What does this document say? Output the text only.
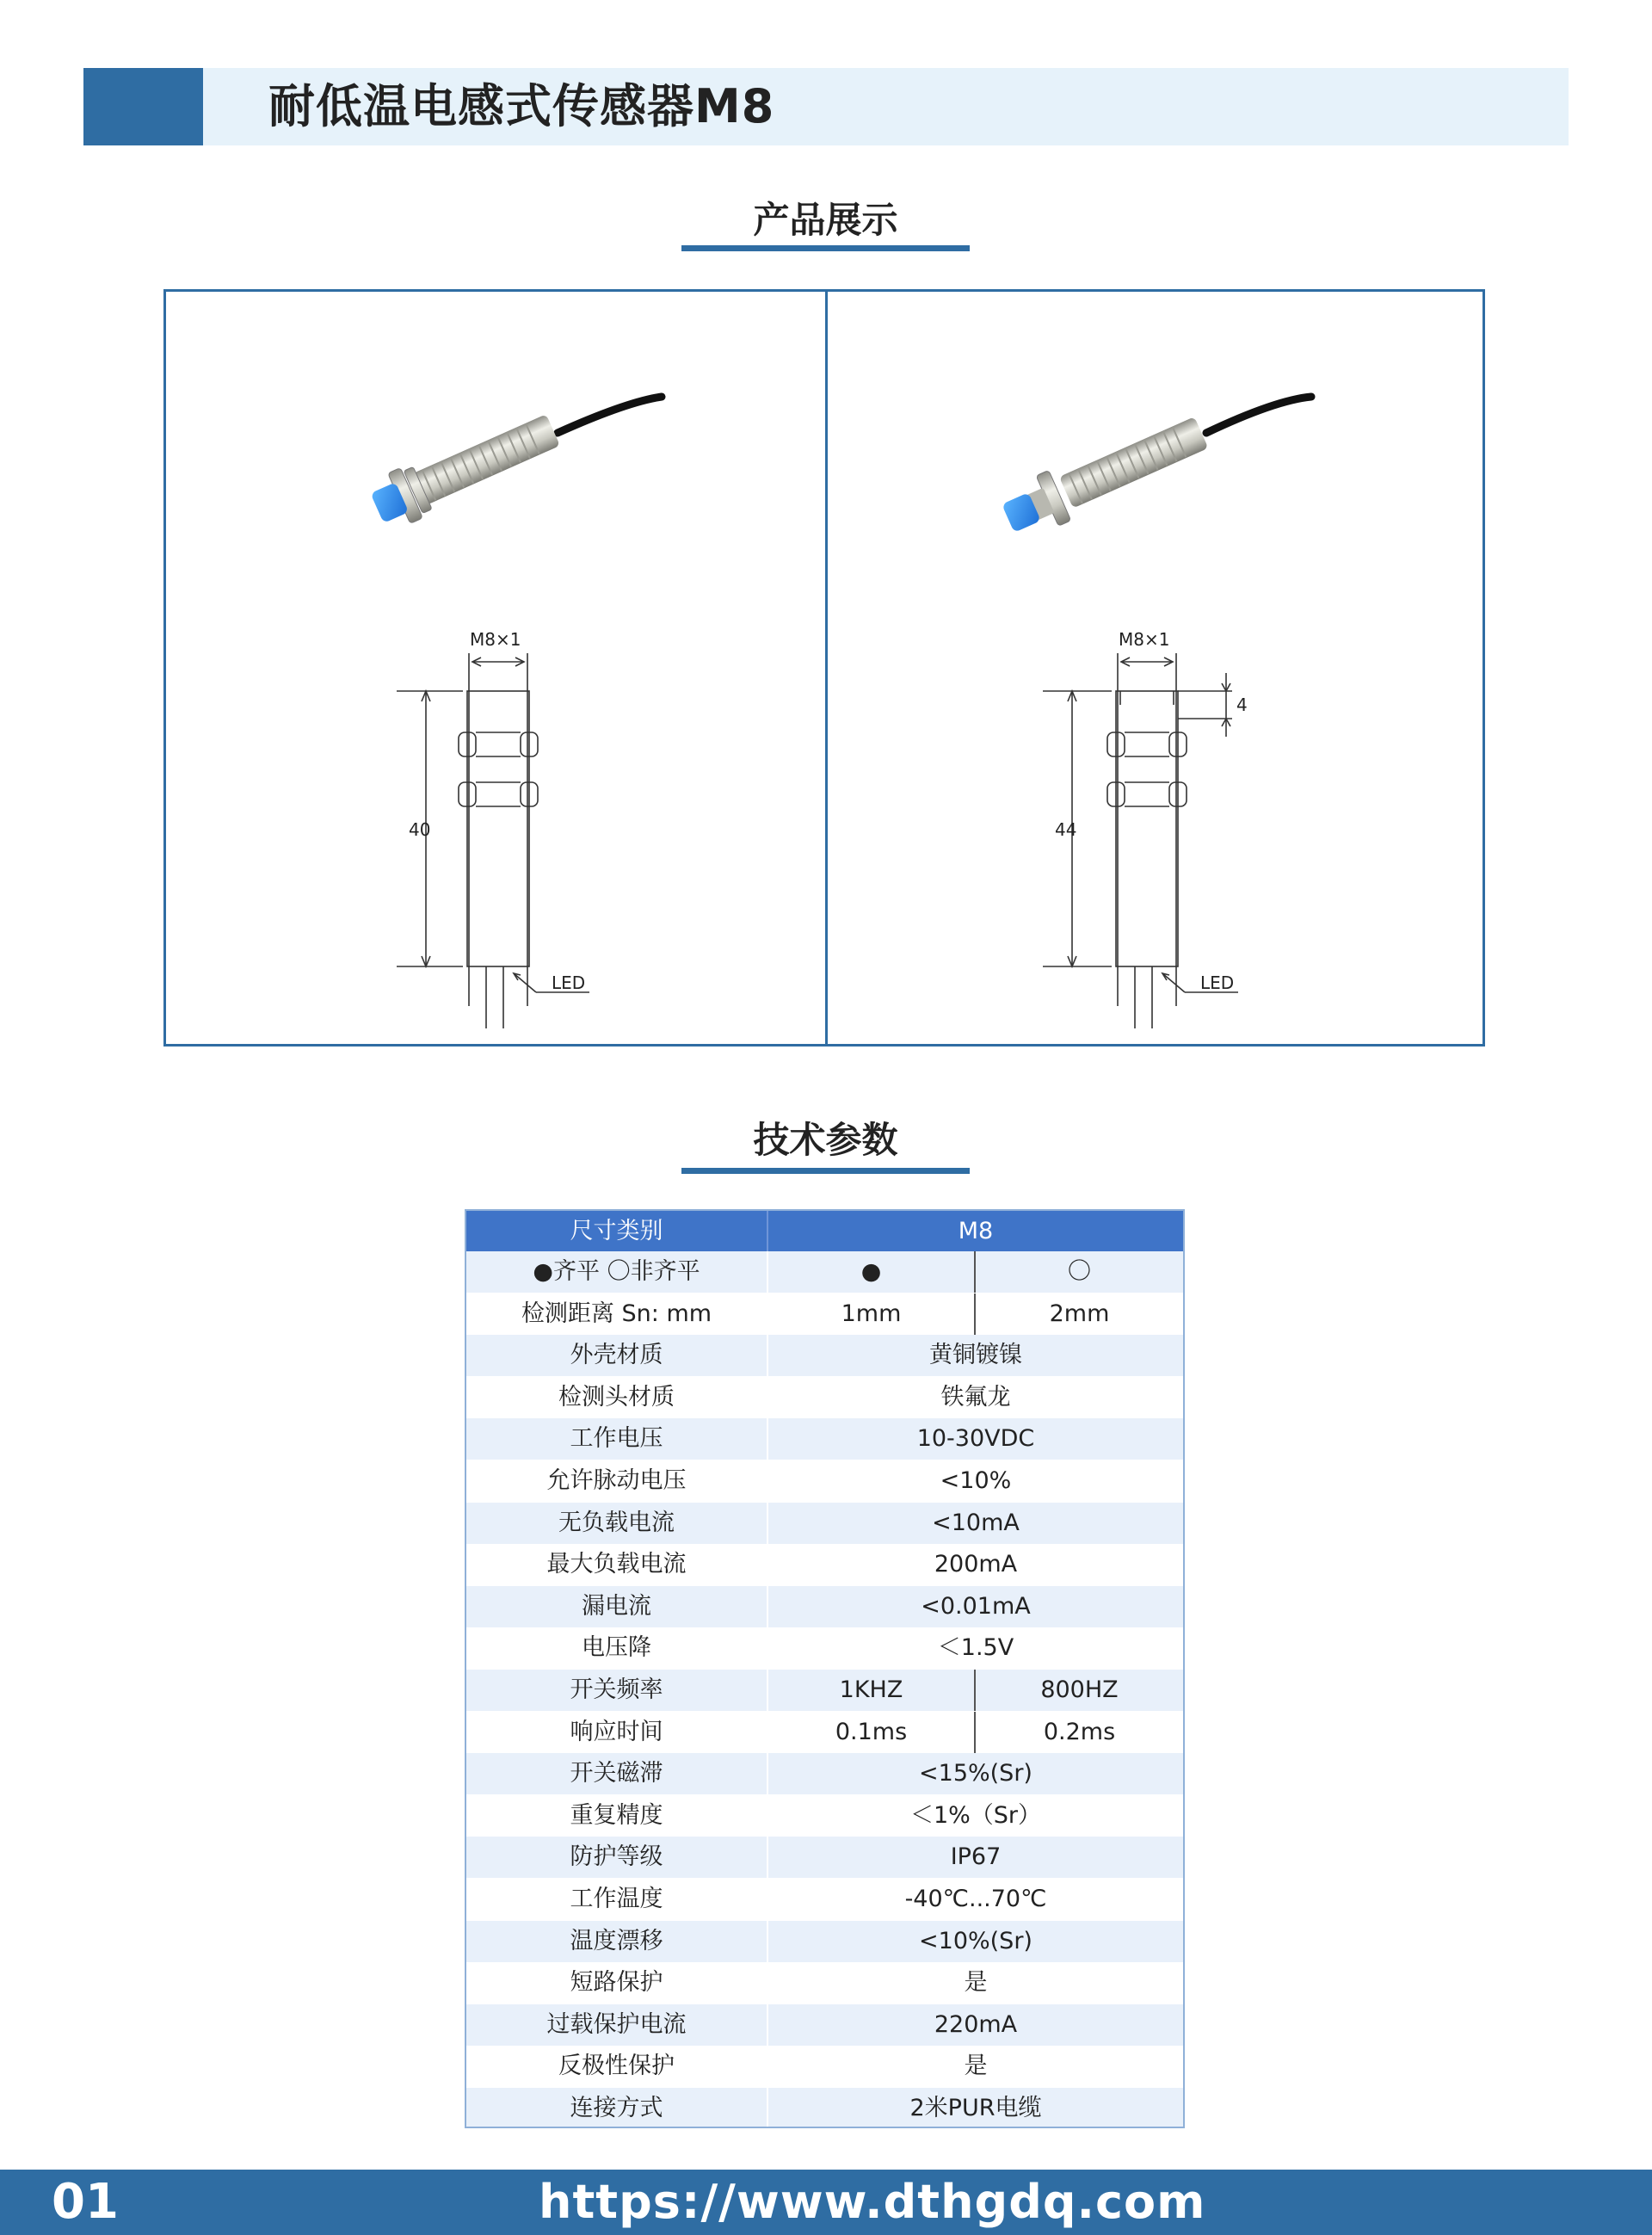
耐低温电感式传感器M8
产品展示
M8×1
40
LED
M8×1
4
44
LED
技术参数
尺寸类别	M8
●齐平 〇非齐平	●	〇
检测距离 Sn: mm	1mm	2mm
外壳材质	黄铜镀镍
检测头材质	铁氟龙
工作电压	10-30VDC
允许脉动电压	<10%
无负载电流	<10mA
最大负载电流	200mA
漏电流	<0.01mA
电压降	＜1.5V
开关频率	1KHZ	800HZ
响应时间	0.1ms	0.2ms
开关磁滞	<15%(Sr)
重复精度	＜1%（Sr）
防护等级	IP67
工作温度	-40℃...70℃
温度漂移	<10%(Sr)
短路保护	是
过载保护电流	220mA
反极性保护	是
连接方式	2米PUR电缆
01	https://www.dthgdq.com
